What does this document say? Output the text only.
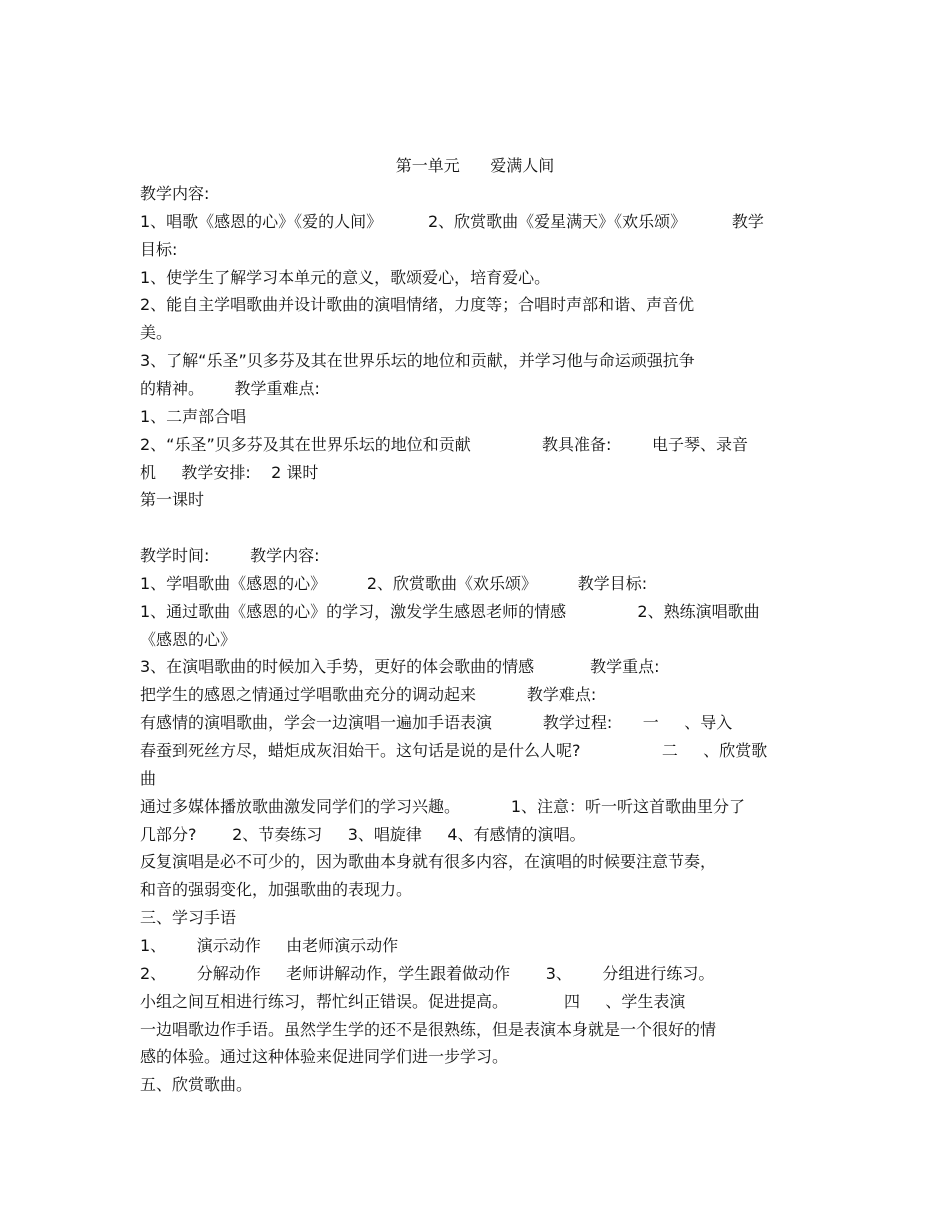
第一单元      爱满人间
教学内容:
1、唱歌《感恩的心》《爱的人间》         2、欣赏歌曲《爱星满天》《欢乐颂》         教学
目标:
1、使学生了解学习本单元的意义，歌颂爱心，培育爱心。
2、能自主学唱歌曲并设计歌曲的演唱情绪，力度等；合唱时声部和谐、声音优
美。
3、了解“乐圣”贝多芬及其在世界乐坛的地位和贡献，并学习他与命运顽强抗争
的精神。      教学重难点:
1、二声部合唱
2、“乐圣”贝多芬及其在世界乐坛的地位和贡献              教具准备:        电子琴、录音
机     教学安排:    2 课时
第一课时
教学时间:        教学内容:
1、学唱歌曲《感恩的心》        2、欣赏歌曲《欢乐颂》        教学目标:
1、通过歌曲《感恩的心》的学习，激发学生感恩老师的情感              2、熟练演唱歌曲
《感恩的心》
3、在演唱歌曲的时候加入手势，更好的体会歌曲的情感           教学重点:
把学生的感恩之情通过学唱歌曲充分的调动起来          教学难点:
有感情的演唱歌曲，学会一边演唱一遍加手语表演          教学过程:      一     、导入
春蚕到死丝方尽，蜡炬成灰泪始干。这句话是说的是什么人呢?                二     、欣赏歌
曲
通过多媒体播放歌曲激发同学们的学习兴趣。          1、注意：听一听这首歌曲里分了
几部分?       2、节奏练习     3、唱旋律     4、有感情的演唱。
反复演唱是必不可少的，因为歌曲本身就有很多内容，在演唱的时候要注意节奏，
和音的强弱变化，加强歌曲的表现力。
三、学习手语
1、      演示动作     由老师演示动作
2、      分解动作     老师讲解动作，学生跟着做动作       3、      分组进行练习。
小组之间互相进行练习，帮忙纠正错误。促进提高。           四     、学生表演
一边唱歌边作手语。虽然学生学的还不是很熟练，但是表演本身就是一个很好的情
感的体验。通过这种体验来促进同学们进一步学习。
五、欣赏歌曲。
